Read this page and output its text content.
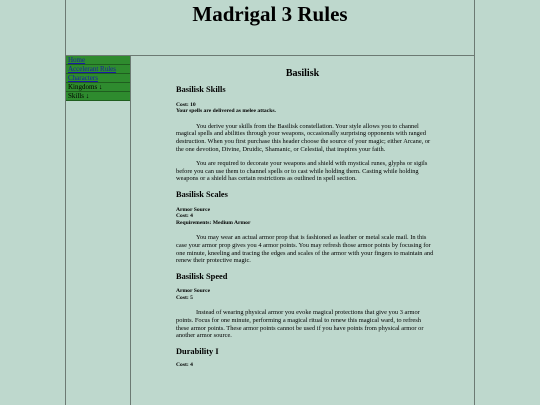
Madrigal 3 Rules
Home
Accelerant Rules
Characters
Kingdoms ↓
Skills ↓
Basilisk
Basilisk Skills
Cost: 10
Your spells are delivered as melee attacks.

You derive your skills from the Basilisk constellation. Your style allows you to channel magical spells and abilities through your weapons, occasionally surprising opponents with ranged destruction. When you first purchase this header choose the source of your magic; either Arcane, or the one devotion, Divine, Druidic, Shamanic, or Celestial, that inspires your faith.

You are required to decorate your weapons and shield with mystical runes, glyphs or sigils before you can use them to channel spells or to cast while holding them. Casting while holding weapons or a shield has certain restrictions as outlined in spell section.

Basilisk Scales
Armor Source
Cost: 4
Requirements: Medium Armor

You may wear an actual armor prop that is fashioned as leather or metal scale mail. In this case your armor prop gives you 4 armor points. You may refresh those armor points by focusing for one minute, kneeling and tracing the edges and scales of the armor with your fingers to maintain and renew their protective magic.

Basilisk Speed
Armor Source
Cost: 5

Instead of wearing physical armor you evoke magical protections that give you 3 armor points. Focus for one minute, performing a magical ritual to renew this magical ward, to refresh these armor points. These armor points cannot be used if you have points from physical armor or another armor source.

Durability I
Cost: 4
